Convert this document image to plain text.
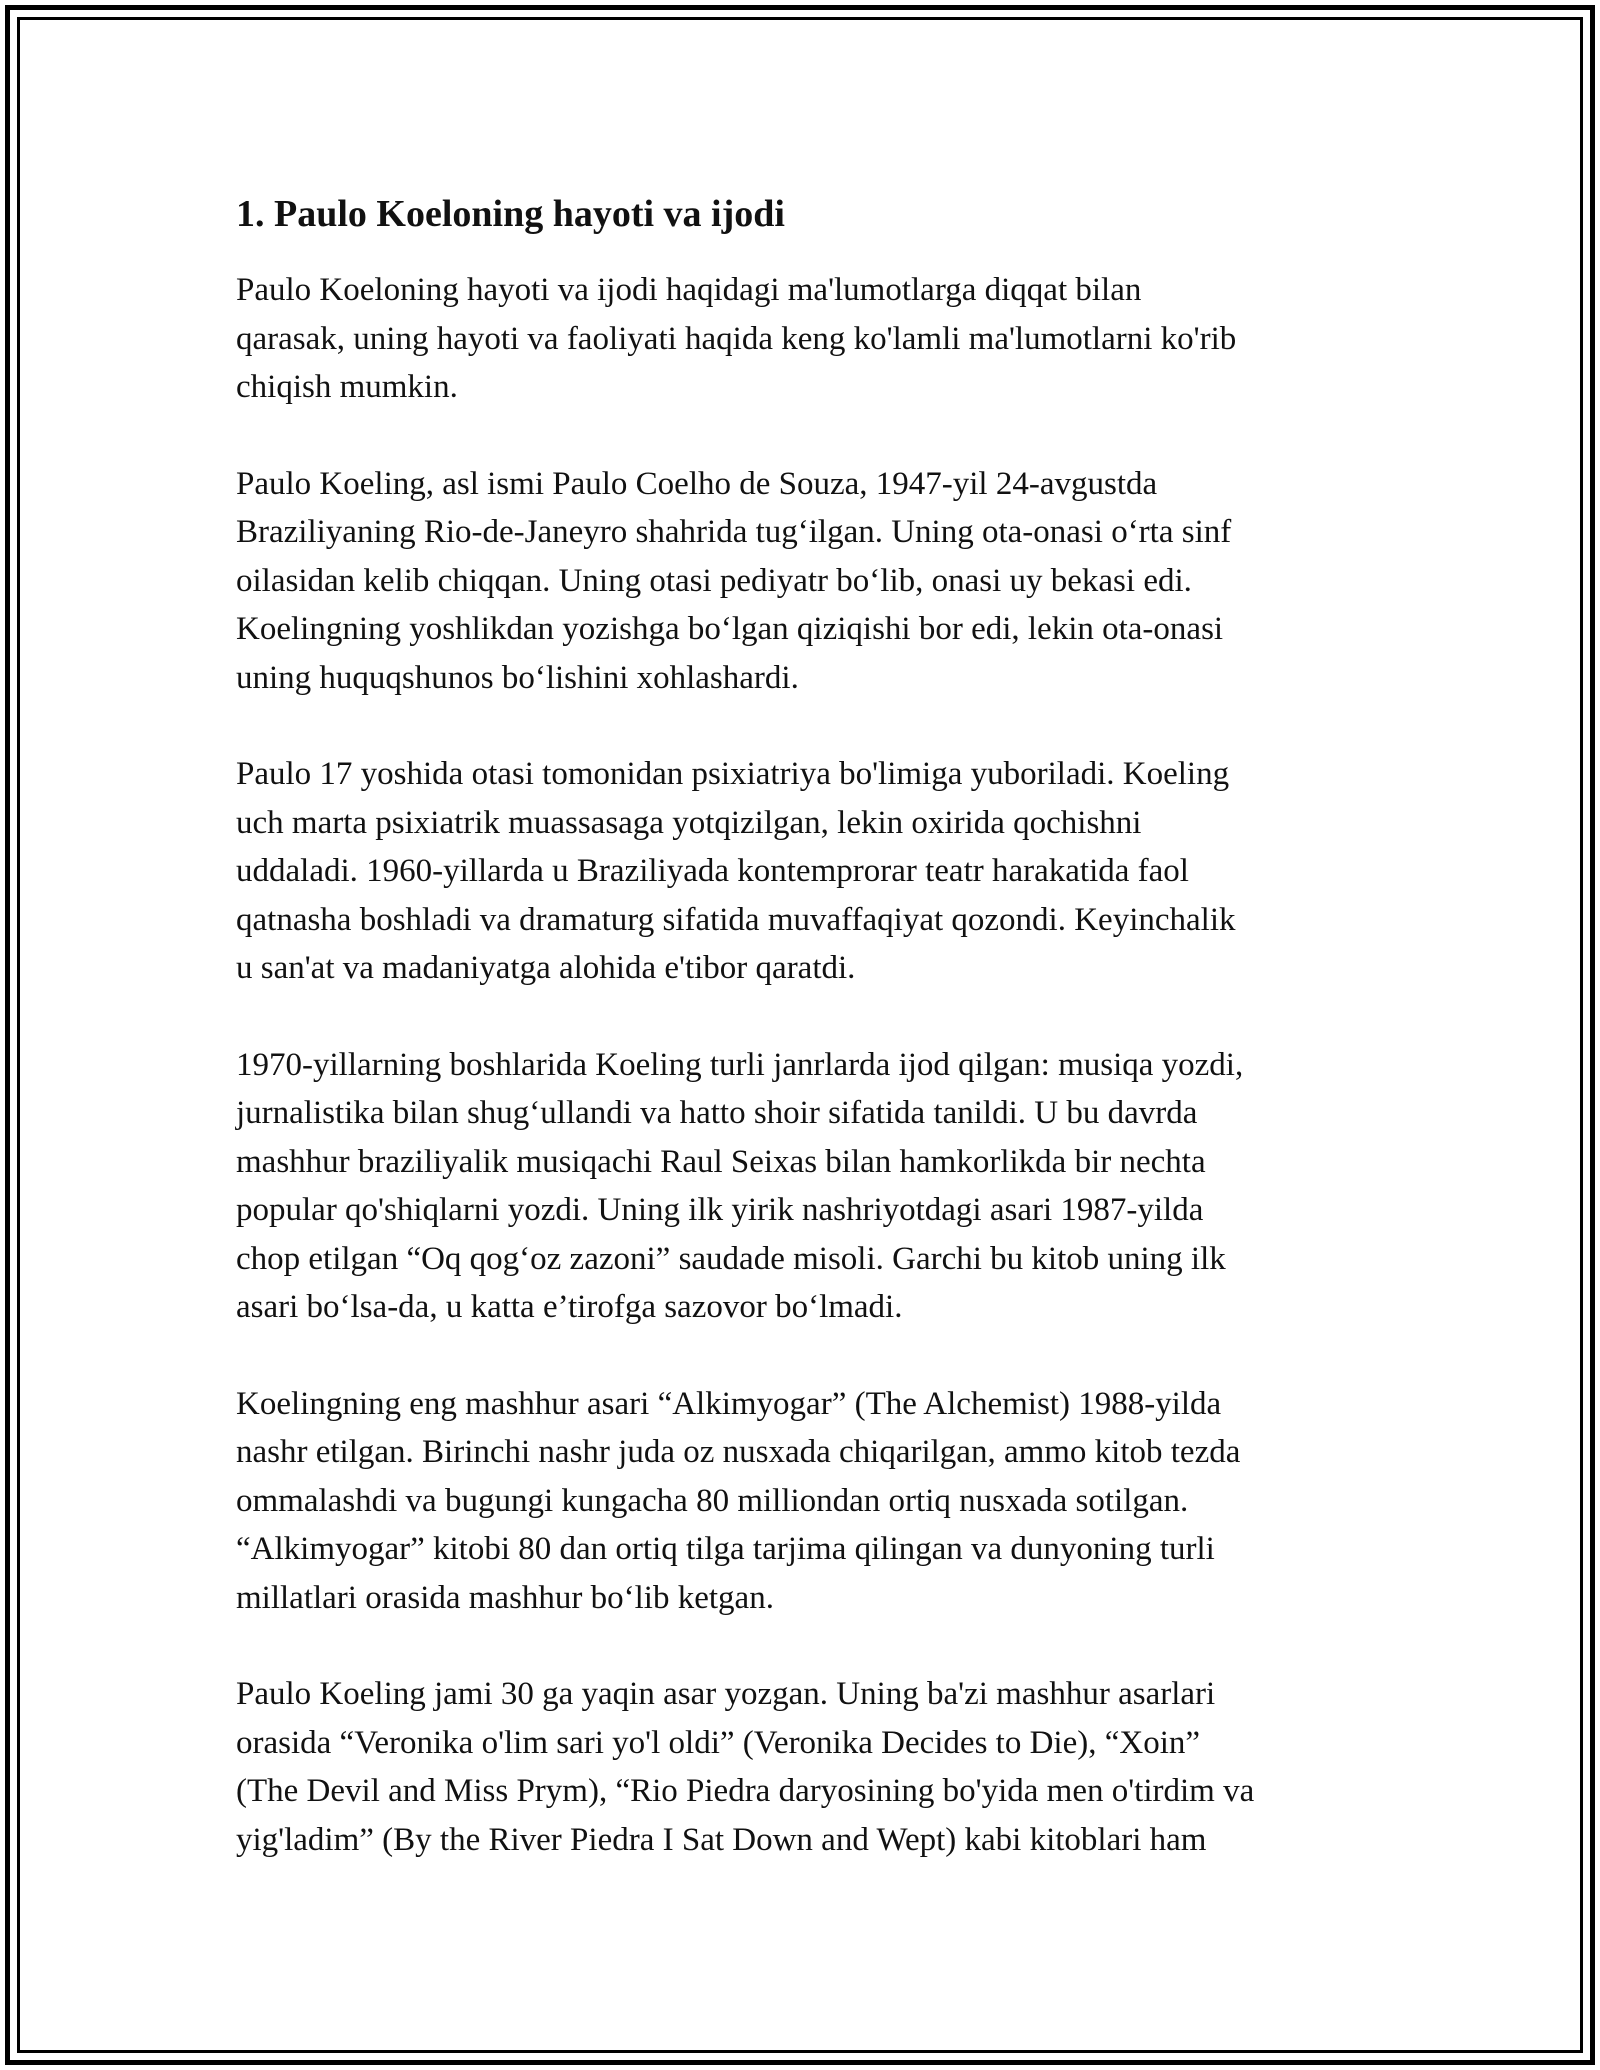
1. Paulo Koeloning hayoti va ijodi
Paulo Koeloning hayoti va ijodi haqidagi ma'lumotlarga diqqat bilan
qarasak, uning hayoti va faoliyati haqida keng ko'lamli ma'lumotlarni ko'rib
chiqish mumkin.
Paulo Koeling, asl ismi Paulo Coelho de Souza, 1947-yil 24-avgustda
Braziliyaning Rio-de-Janeyro shahrida tug‘ilgan. Uning ota-onasi o‘rta sinf
oilasidan kelib chiqqan. Uning otasi pediyatr bo‘lib, onasi uy bekasi edi.
Koelingning yoshlikdan yozishga bo‘lgan qiziqishi bor edi, lekin ota-onasi
uning huquqshunos bo‘lishini xohlashardi.
Paulo 17 yoshida otasi tomonidan psixiatriya bo'limiga yuboriladi. Koeling
uch marta psixiatrik muassasaga yotqizilgan, lekin oxirida qochishni
uddaladi. 1960-yillarda u Braziliyada kontemprorar teatr harakatida faol
qatnasha boshladi va dramaturg sifatida muvaffaqiyat qozondi. Keyinchalik
u san'at va madaniyatga alohida e'tibor qaratdi.
1970-yillarning boshlarida Koeling turli janrlarda ijod qilgan: musiqa yozdi,
jurnalistika bilan shug‘ullandi va hatto shoir sifatida tanildi. U bu davrda
mashhur braziliyalik musiqachi Raul Seixas bilan hamkorlikda bir nechta
popular qo'shiqlarni yozdi. Uning ilk yirik nashriyotdagi asari 1987-yilda
chop etilgan “Oq qog‘oz zazoni” saudade misoli. Garchi bu kitob uning ilk
asari bo‘lsa-da, u katta e’tirofga sazovor bo‘lmadi.
Koelingning eng mashhur asari “Alkimyogar” (The Alchemist) 1988-yilda
nashr etilgan. Birinchi nashr juda oz nusxada chiqarilgan, ammo kitob tezda
ommalashdi va bugungi kungacha 80 milliondan ortiq nusxada sotilgan.
“Alkimyogar” kitobi 80 dan ortiq tilga tarjima qilingan va dunyoning turli
millatlari orasida mashhur bo‘lib ketgan.
Paulo Koeling jami 30 ga yaqin asar yozgan. Uning ba'zi mashhur asarlari
orasida “Veronika o'lim sari yo'l oldi” (Veronika Decides to Die), “Xoin”
(The Devil and Miss Prym), “Rio Piedra daryosining bo'yida men o'tirdim va
yig'ladim” (By the River Piedra I Sat Down and Wept) kabi kitoblari ham
